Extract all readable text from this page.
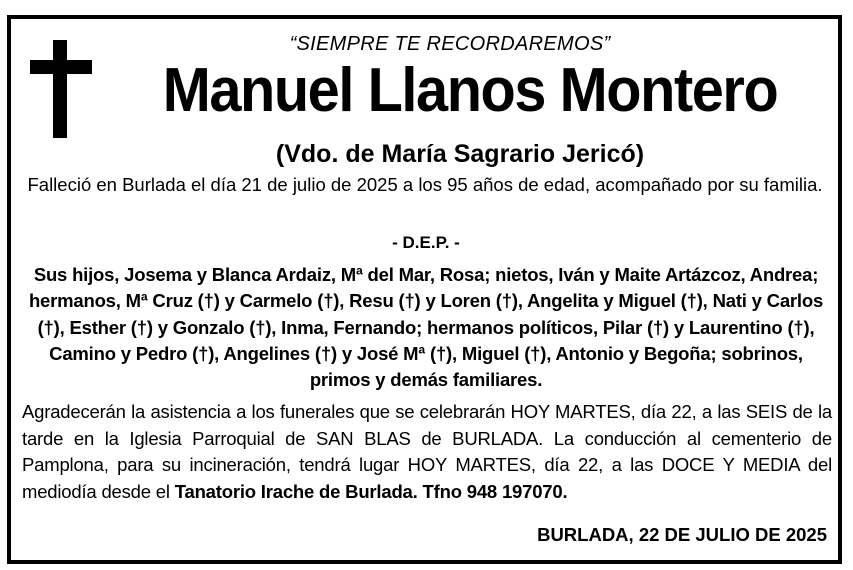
“SIEMPRE TE RECORDAREMOS”
Manuel Llanos Montero
(Vdo. de María Sagrario Jericó)
Falleció en Burlada el día 21 de julio de 2025 a los 95 años de edad, acompañado por su familia.
- D.E.P. -
Sus hijos, Josema y Blanca Ardaiz, Mª del Mar, Rosa; nietos, Iván y Maite Artázcoz, Andrea; hermanos, Mª Cruz (†) y Carmelo (†), Resu (†) y Loren (†), Angelita y Miguel (†), Nati y Carlos (†), Esther (†) y Gonzalo (†), Inma, Fernando; hermanos políticos, Pilar (†) y Laurentino (†), Camino y Pedro (†), Angelines (†) y José Mª (†), Miguel (†), Antonio y Begoña; sobrinos, primos y demás familiares.
Agradecerán la asistencia a los funerales que se celebrarán HOY MARTES, día 22, a las SEIS de la tarde en la Iglesia Parroquial de SAN BLAS de BURLADA. La conducción al cementerio de Pamplona, para su incineración, tendrá lugar HOY MARTES, día 22, a las DOCE Y MEDIA del mediodía desde el Tanatorio Irache de Burlada. Tfno 948 197070.
BURLADA, 22 DE JULIO DE 2025
